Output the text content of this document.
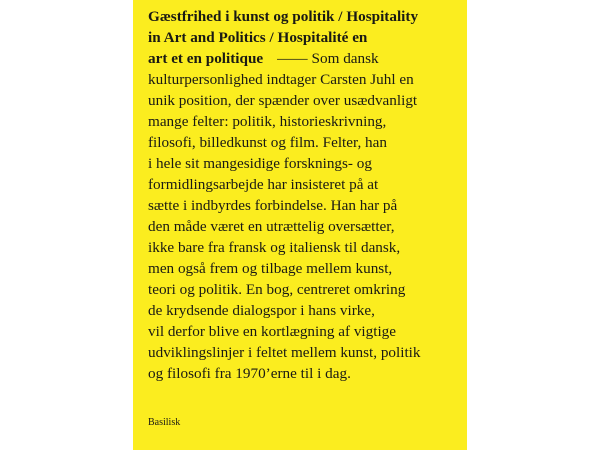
Gæstfrihed i kunst og politik / Hospitality
in Art and Politics / Hospitalité en
art et en politique —— Som dansk
kulturpersonlighed indtager Carsten Juhl en
unik position, der spænder over usædvanligt
mange felter: politik, historieskrivning,
filosofi, billedkunst og film. Felter, han
i hele sit mangesidige forsknings- og
formidlingsarbejde har insisteret på at
sætte i indbyrdes forbindelse. Han har på
den måde været en utrættelig oversætter,
ikke bare fra fransk og italiensk til dansk,
men også frem og tilbage mellem kunst,
teori og politik. En bog, centreret omkring
de krydsende dialogspor i hans virke,
vil derfor blive en kortlægning af vigtige
udviklingslinjer i feltet mellem kunst, politik
og filosofi fra 1970’erne til i dag.
Basilisk
